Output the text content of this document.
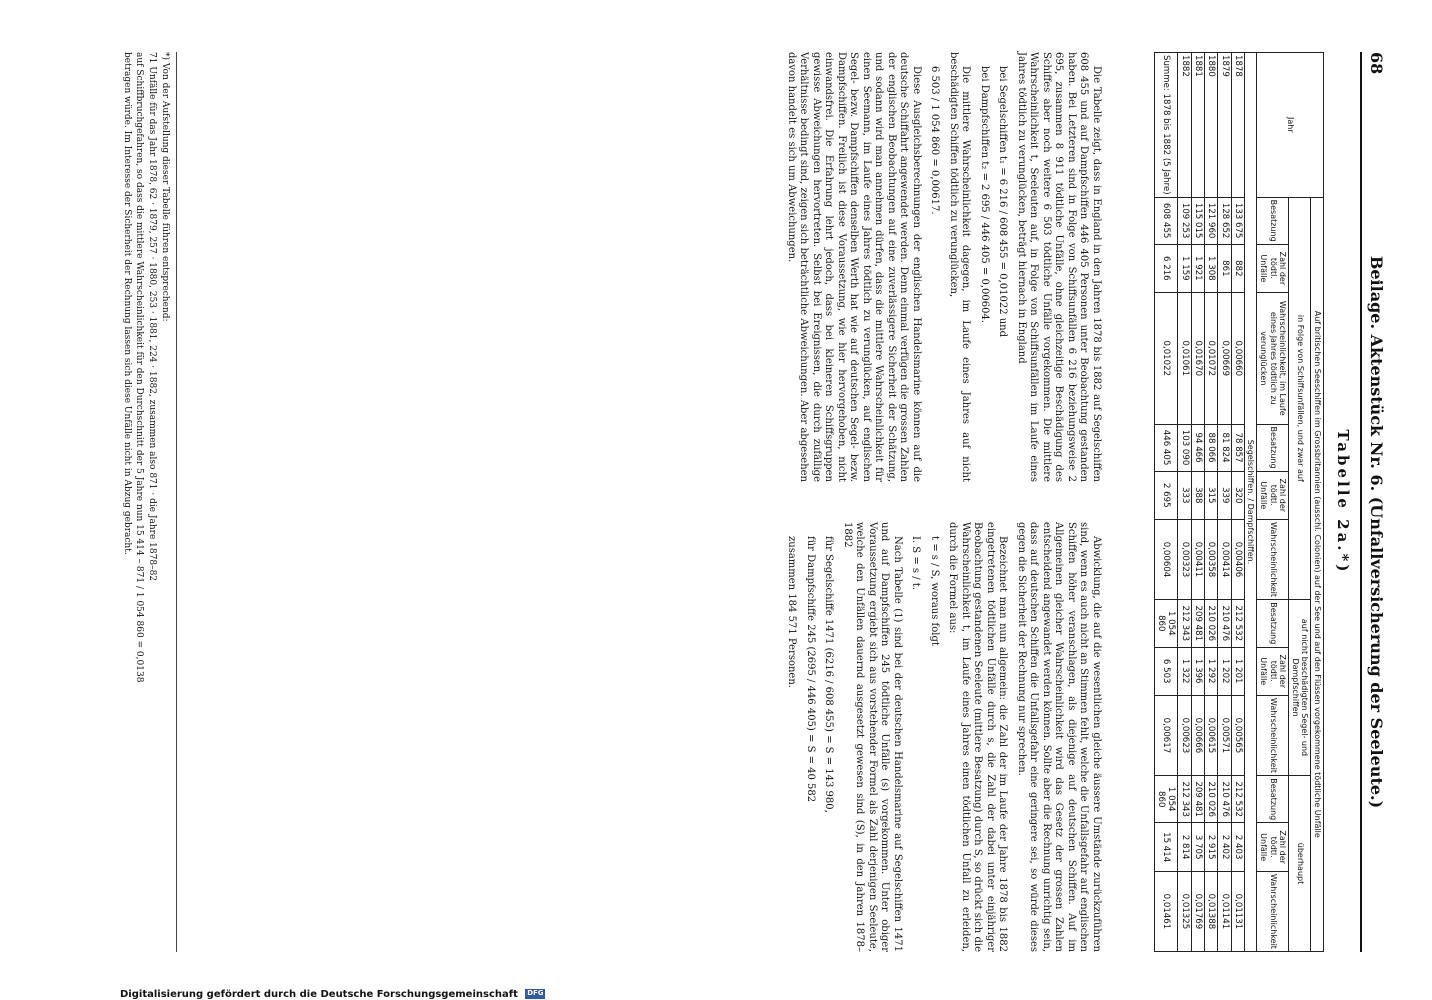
68
Beilage. Aktenstück Nr. 6. (Unfallversicherung der Seeleute.)
Tabelle 2a.*)
Jahr	Auf britischen Seeschiffen im Grossbritannien (ausschl. Colonien) auf der See und auf den Flüssen vorgekommene tödtliche Unfälle											
	in Folge von Schiffsunfällen, und zwar auf						auf nicht beschädigten Segel- und Dampfschiffen			überhaupt		
	Besatzung	Zahl der tödtl. Unfälle	Wahrscheinlichkeit, im Laufe eines Jahres tödtlich zu verunglücken	Besatzung	Zahl der tödtl. Unfälle	Wahrscheinlichkeit	Besatzung	Zahl der tödtl. Unfälle	Wahrscheinlichkeit	Besatzung	Zahl der tödtl. Unfälle	Wahrscheinlichkeit
Segelschiffen. / Dampfschiffen.												
1878	133 675	882	0,00660	78 857	320	0,00406	212 532	1 201	0,00565	212 532	2 403	0,01131
1879	128 652	861	0,00669	81 824	339	0,00414	210 476	1 202	0,00571	210 476	2 402	0,01141
1880	121 960	1 308	0,01072	88 066	315	0,00358	210 026	1 292	0,00615	210 026	2 915	0,01388
1881	115 015	1 921	0,01670	94 466	388	0,00411	209 481	1 396	0,00666	209 481	3 705	0,01769
1882	109 253	1 159	0,01061	103 090	333	0,00323	212 343	1 322	0,00623	212 343	2 814	0,01325
Summe: 1878 bis 1882 (5 Jahre)	608 455	6 216	0,01022	446 405	2 695	0,00604	1 054 860	6 503	0,00617	1 054 860	15 414	0,01461

Die Tabelle zeigt, dass in England in den Jahren 1878 bis 1882 auf Segelschiffen 608 455 und auf Dampfschiffen 446 405 Personen unter Beobachtung gestanden haben. Bei Letzteren sind in Folge von Schiffsunfällen 6 216 beziehungsweise 2 695, zusammen 8 911 tödtliche Unfälle, ohne gleichzeitige Beschädigung des Schiffes aber noch weitere 6 503 tödtliche Unfälle vorgekommen. Die mittlere Wahrscheinlichkeit t, Seeleuten auf, in Folge von Schiffsunfällen im Laufe eines Jahres tödtlich zu verunglücken, beträgt hiernach in England

bei Segelschiffen t₁ = 6 216 / 608 455 = 0,01022 und

bei Dampfschiffen t₂ = 2 695 / 446 405 = 0,00604.

Die mittlere Wahrscheinlichkeit dagegen, im Laufe eines Jahres auf nicht beschädigten Schiffen tödtlich zu verunglücken,

6 503 / 1 054 860 = 0,00617.

Diese Ausgleichsberechnungen der englischen Handelsmarine können auf die deutsche Schiffahrt angewendet werden. Denn einmal verfügen die grossen Zahlen der englischen Beobachtungen auf eine zuverlässigere Sicherheit der Schätzung, und sodann wird man annehmen dürfen, dass die mittlere Wahrscheinlichkeit für einen Seemann, im Laufe eines Jahres tödtlich zu verunglücken, auf englischen Segel- bezw. Dampfschiffen denselben Werth hat wie auf deutschen Segel- bezw. Dampfschiffen. Freilich ist diese Voraussetzung, wie hier hervorgehoben, nicht einwandsfrei. Die Erfahrung lehrt jedoch, dass bei kleineren Schiffsgruppen gewisse Abweichungen hervortreten. Selbst bei Ereignissen, die durch zufällige Verhältnisse bedingt sind, zeigen sich beträchtliche Abweichungen. Aber abgesehen davon handelt es sich um Abweichungen.

Abwicklung, die auf die wesentlichen gleiche äussere Umstände zurückzuführen sind, wenn es auch nicht an Stimmen fehlt, welche die Unfallsgefahr auf englischen Schiffen höher veranschlagen, als diejenige auf deutschen Schiffen. Auf im Allgemeinen gleicher Wahrscheinlichkeit wird das Gesetz der grossen Zahlen entscheidend angewandet werden können. Sollte aber die Rechnung unrichtig sein, dass auf deutschen Schiffen die Unfallsgefahr eine geringere sei, so würde dieses gegen die Sicherheit der Rechnung nur sprechen.

Bezeichnet man nun allgemein: die Zahl der im Laufe der Jahre 1878 bis 1882 eingetretenen tödtlichen Unfälle durch s, die Zahl der dabei unter einjähriger Beobachtung gestandenen Seeleute (mittlere Besatzung) durch S, so drückt sich die Wahrscheinlichkeit t, im Laufe eines Jahres einen tödtlichen Unfall zu erleiden, durch die Formel aus:

t = s / S, woraus folgt

I. S = s / t.

Nach Tabelle (1) sind bei der deutschen Handelsmarine auf Segelschiffen 1471 und auf Dampfschiffen 245 tödtliche Unfälle (s) vorgekommen. Unter obiger Voraussetzung ergiebt sich aus vorstehender Formel als Zahl derjenigen Seeleute, welche den Unfällen dauernd ausgesetzt gewesen sind (S), in den Jahren 1878–1882

für Segelschiffe 1471 (6216 / 608 455) = S = 143 980,

für Dampfschiffe 245 (2695 / 446 405) = S = 40 582

zusammen 184 571 Personen.

*) Von der Aufstellung dieser Tabelle führen entsprechend:
71 Unfälle für das Jahr 1878, 62 · 1879, 257 · 1880, 253 · 1881, 224 · 1882, zusammen also 871 · die Jahre 1878–82
auf Schiffbruchgefahren, so dass die mittlere Wahrscheinlichkeit für den Durchschnitt der 5 Jahre nun 15 414 – 871 / 1 054 860 = 0,0138
betragen würde. Im Interesse der Sicherheit der Rechnung lassen sich diese Unfälle nicht in Abzug gebracht.
Digitalisierung gefördert durch die Deutsche Forschungsgemeinschaft DFG
